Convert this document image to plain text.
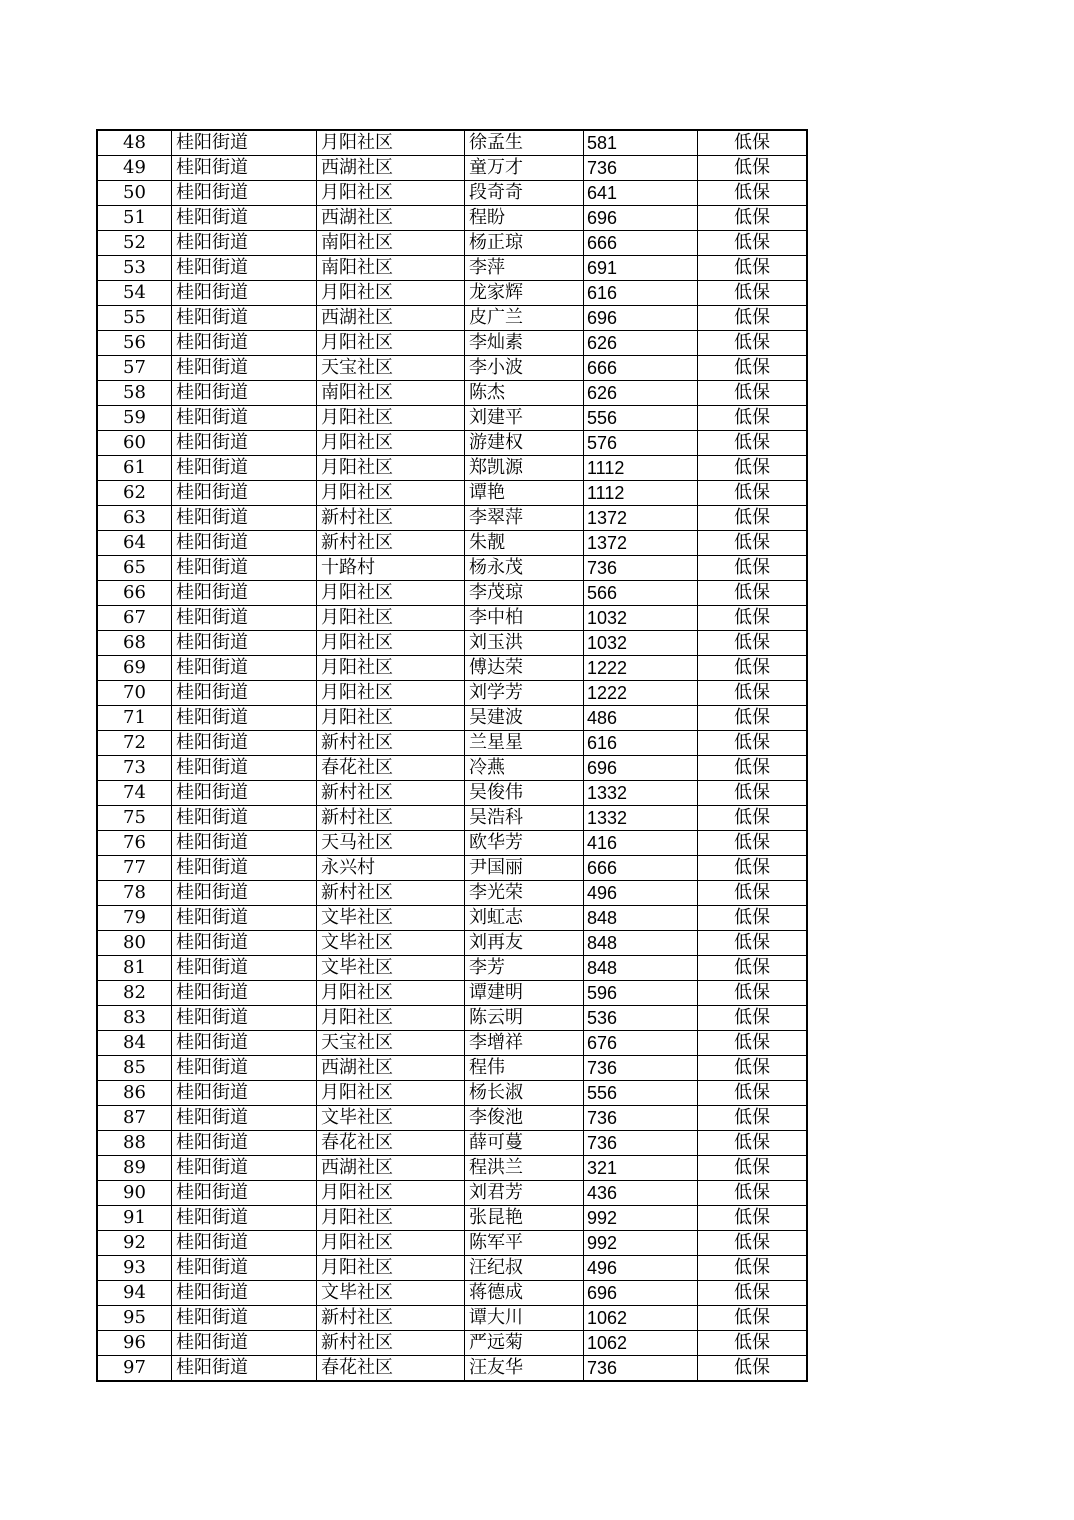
48	桂阳街道	月阳社区	徐孟生	581	低保
49	桂阳街道	西湖社区	童万才	736	低保
50	桂阳街道	月阳社区	段奇奇	641	低保
51	桂阳街道	西湖社区	程盼	696	低保
52	桂阳街道	南阳社区	杨正琼	666	低保
53	桂阳街道	南阳社区	李萍	691	低保
54	桂阳街道	月阳社区	龙家辉	616	低保
55	桂阳街道	西湖社区	皮广兰	696	低保
56	桂阳街道	月阳社区	李灿素	626	低保
57	桂阳街道	天宝社区	李小波	666	低保
58	桂阳街道	南阳社区	陈杰	626	低保
59	桂阳街道	月阳社区	刘建平	556	低保
60	桂阳街道	月阳社区	游建权	576	低保
61	桂阳街道	月阳社区	郑凯源	1112	低保
62	桂阳街道	月阳社区	谭艳	1112	低保
63	桂阳街道	新村社区	李翠萍	1372	低保
64	桂阳街道	新村社区	朱靓	1372	低保
65	桂阳街道	十路村	杨永茂	736	低保
66	桂阳街道	月阳社区	李茂琼	566	低保
67	桂阳街道	月阳社区	李中柏	1032	低保
68	桂阳街道	月阳社区	刘玉洪	1032	低保
69	桂阳街道	月阳社区	傅达荣	1222	低保
70	桂阳街道	月阳社区	刘学芳	1222	低保
71	桂阳街道	月阳社区	吴建波	486	低保
72	桂阳街道	新村社区	兰星星	616	低保
73	桂阳街道	春花社区	冷燕	696	低保
74	桂阳街道	新村社区	吴俊伟	1332	低保
75	桂阳街道	新村社区	吴浩科	1332	低保
76	桂阳街道	天马社区	欧华芳	416	低保
77	桂阳街道	永兴村	尹国丽	666	低保
78	桂阳街道	新村社区	李光荣	496	低保
79	桂阳街道	文毕社区	刘虹志	848	低保
80	桂阳街道	文毕社区	刘再友	848	低保
81	桂阳街道	文毕社区	李芳	848	低保
82	桂阳街道	月阳社区	谭建明	596	低保
83	桂阳街道	月阳社区	陈云明	536	低保
84	桂阳街道	天宝社区	李增祥	676	低保
85	桂阳街道	西湖社区	程伟	736	低保
86	桂阳街道	月阳社区	杨长淑	556	低保
87	桂阳街道	文毕社区	李俊池	736	低保
88	桂阳街道	春花社区	薛可蔓	736	低保
89	桂阳街道	西湖社区	程洪兰	321	低保
90	桂阳街道	月阳社区	刘君芳	436	低保
91	桂阳街道	月阳社区	张昆艳	992	低保
92	桂阳街道	月阳社区	陈军平	992	低保
93	桂阳街道	月阳社区	汪纪叔	496	低保
94	桂阳街道	文毕社区	蒋德成	696	低保
95	桂阳街道	新村社区	谭大川	1062	低保
96	桂阳街道	新村社区	严远菊	1062	低保
97	桂阳街道	春花社区	汪友华	736	低保
